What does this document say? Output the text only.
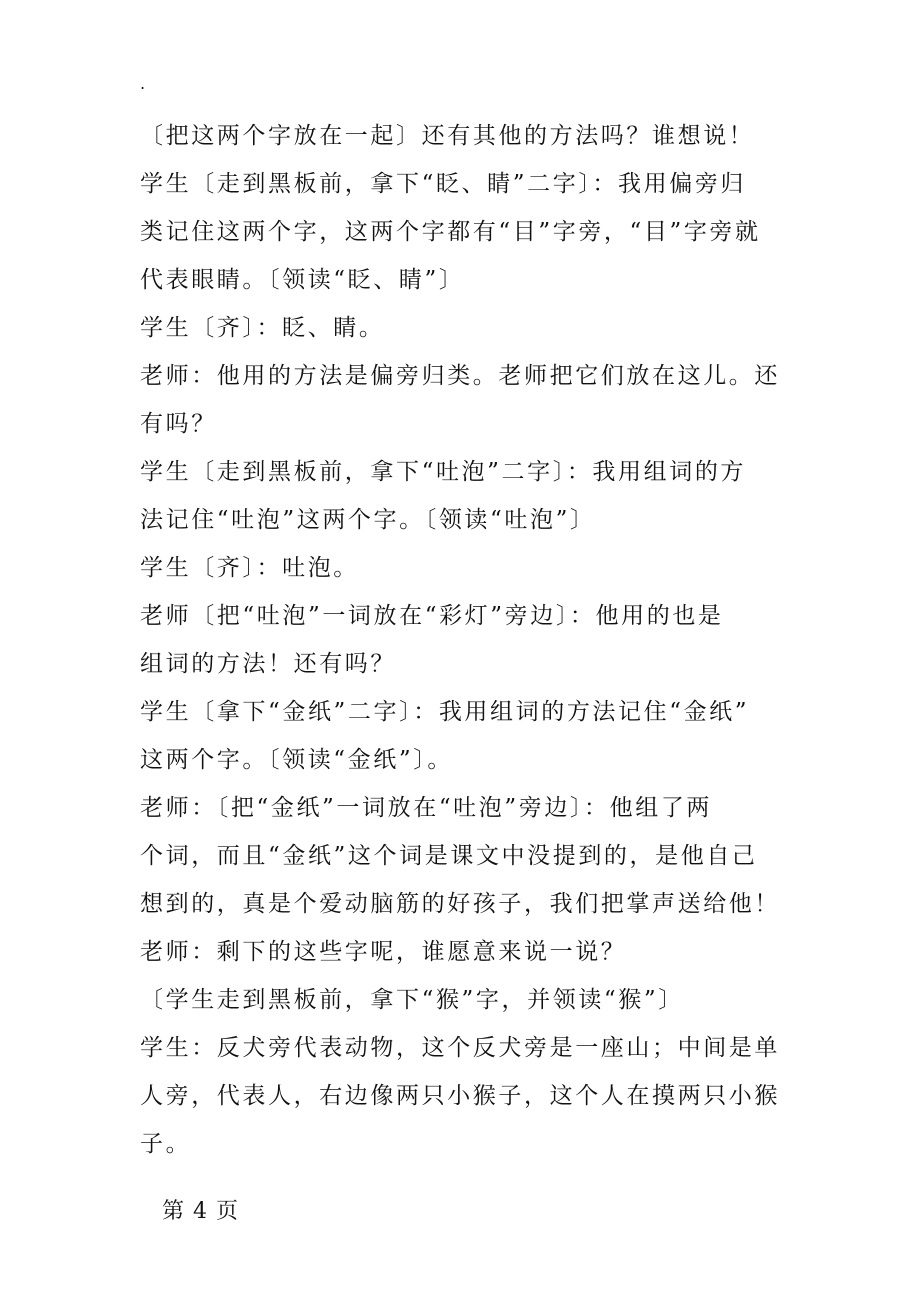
.
〔把这两个字放在一起〕还有其他的方法吗？谁想说！
学生〔走到黑板前，拿下“眨、睛”二字〕：我用偏旁归
类记住这两个字，这两个字都有“目”字旁，“目”字旁就
代表眼睛。〔领读“眨、睛”〕
学生〔齐〕：眨、睛。
老师：他用的方法是偏旁归类。老师把它们放在这儿。还
有吗？
学生〔走到黑板前，拿下“吐泡”二字〕：我用组词的方
法记住“吐泡”这两个字。〔领读“吐泡”〕
学生〔齐〕：吐泡。
老师〔把“吐泡”一词放在“彩灯”旁边〕：他用的也是
组词的方法！还有吗？
学生〔拿下“金纸”二字〕：我用组词的方法记住“金纸”
这两个字。〔领读“金纸”〕。
老师：〔把“金纸”一词放在“吐泡”旁边〕：他组了两
个词，而且“金纸”这个词是课文中没提到的，是他自己
想到的，真是个爱动脑筋的好孩子，我们把掌声送给他！
老师：剩下的这些字呢，谁愿意来说一说？
〔学生走到黑板前，拿下“猴”字，并领读“猴”〕
学生：反犬旁代表动物，这个反犬旁是一座山；中间是单
人旁，代表人，右边像两只小猴子，这个人在摸两只小猴
子。
第 4 页
